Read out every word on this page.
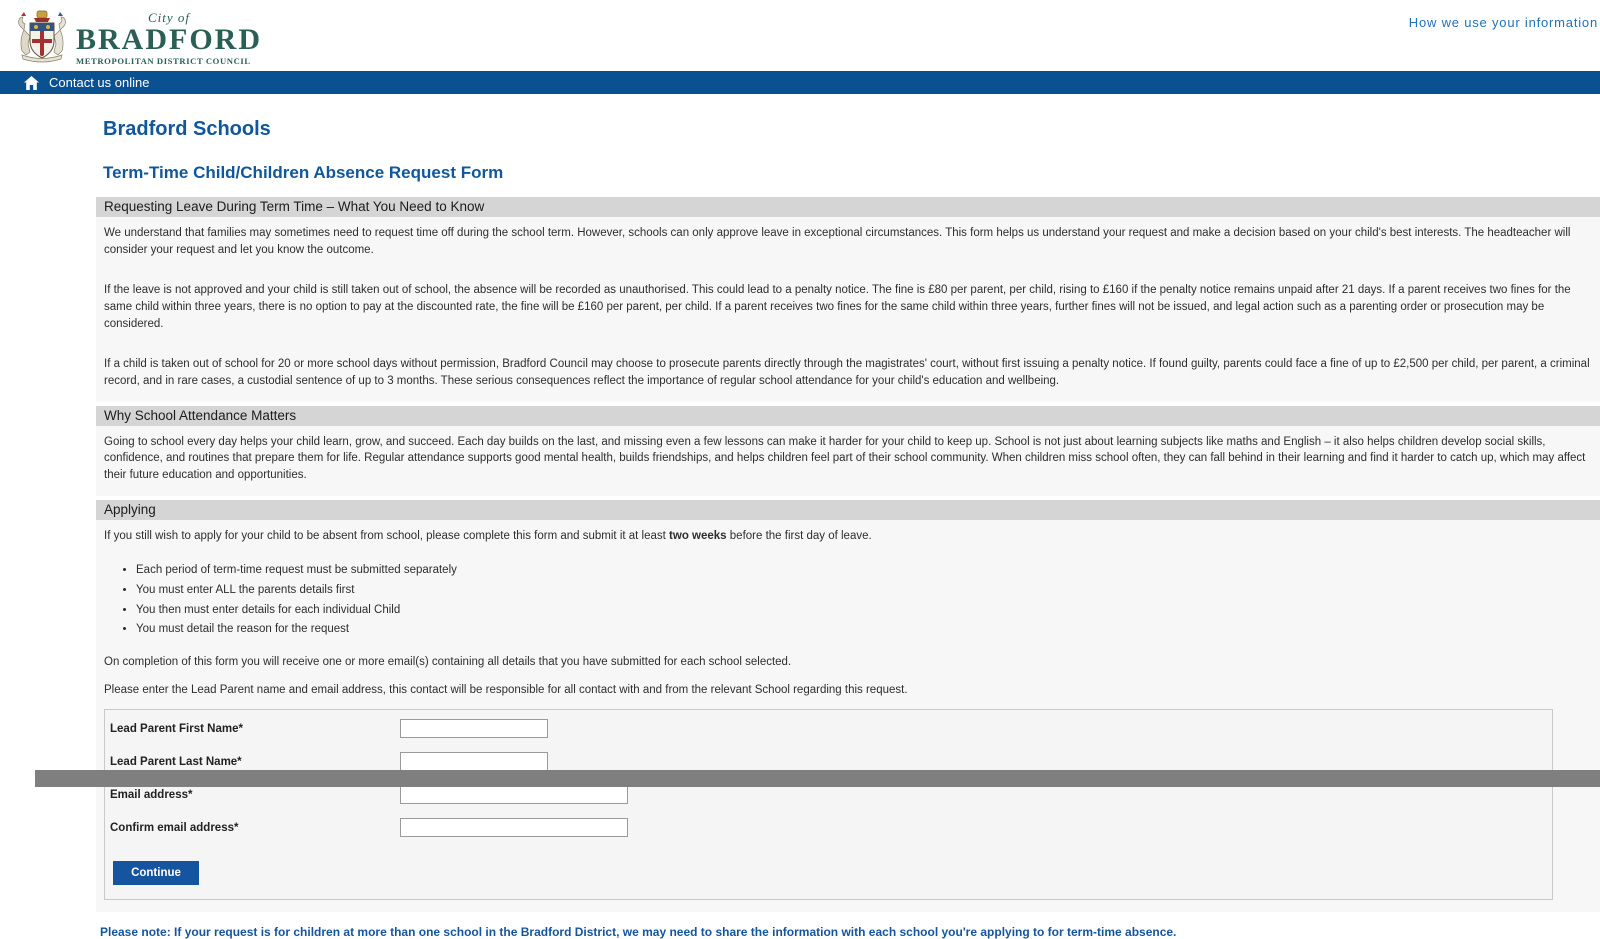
City of
BRADFORD
METROPOLITAN DISTRICT COUNCIL
How we use your information
Contact us online
Bradford Schools
Term-Time Child/Children Absence Request Form
Requesting Leave During Term Time – What You Need to Know

We understand that families may sometimes need to request time off during the school term. However, schools can only approve leave in exceptional circumstances. This form helps us understand your request and make a decision based on your child's best interests. The headteacher will consider your request and let you know the outcome.

If the leave is not approved and your child is still taken out of school, the absence will be recorded as unauthorised. This could lead to a penalty notice. The fine is £80 per parent, per child, rising to £160 if the penalty notice remains unpaid after 21 days. If a parent receives two fines for the same child within three years, there is no option to pay at the discounted rate, the fine will be £160 per parent, per child. If a parent receives two fines for the same child within three years, further fines will not be issued, and legal action such as a parenting order or prosecution may be considered.

If a child is taken out of school for 20 or more school days without permission, Bradford Council may choose to prosecute parents directly through the magistrates' court, without first issuing a penalty notice. If found guilty, parents could face a fine of up to £2,500 per child, per parent, a criminal record, and in rare cases, a custodial sentence of up to 3 months. These serious consequences reflect the importance of regular school attendance for your child's education and wellbeing.

Why School Attendance Matters

Going to school every day helps your child learn, grow, and succeed. Each day builds on the last, and missing even a few lessons can make it harder for your child to keep up. School is not just about learning subjects like maths and English – it also helps children develop social skills, confidence, and routines that prepare them for life. Regular attendance supports good mental health, builds friendships, and helps children feel part of their school community. When children miss school often, they can fall behind in their learning and find it harder to catch up, which may affect their future education and opportunities.

Applying

If you still wish to apply for your child to be absent from school, please complete this form and submit it at least two weeks before the first day of leave.

• Each period of term-time request must be submitted separately
• You must enter ALL the parents details first
• You then must enter details for each individual Child
• You must detail the reason for the request

On completion of this form you will receive one or more email(s) containing all details that you have submitted for each school selected.

Please enter the Lead Parent name and email address, this contact will be responsible for all contact with and from the relevant School regarding this request.

Lead Parent First Name*
Lead Parent Last Name*
Email address*
Confirm email address*
Continue

Please note: If your request is for children at more than one school in the Bradford District, we may need to share the information with each school you're applying to for term-time absence.
